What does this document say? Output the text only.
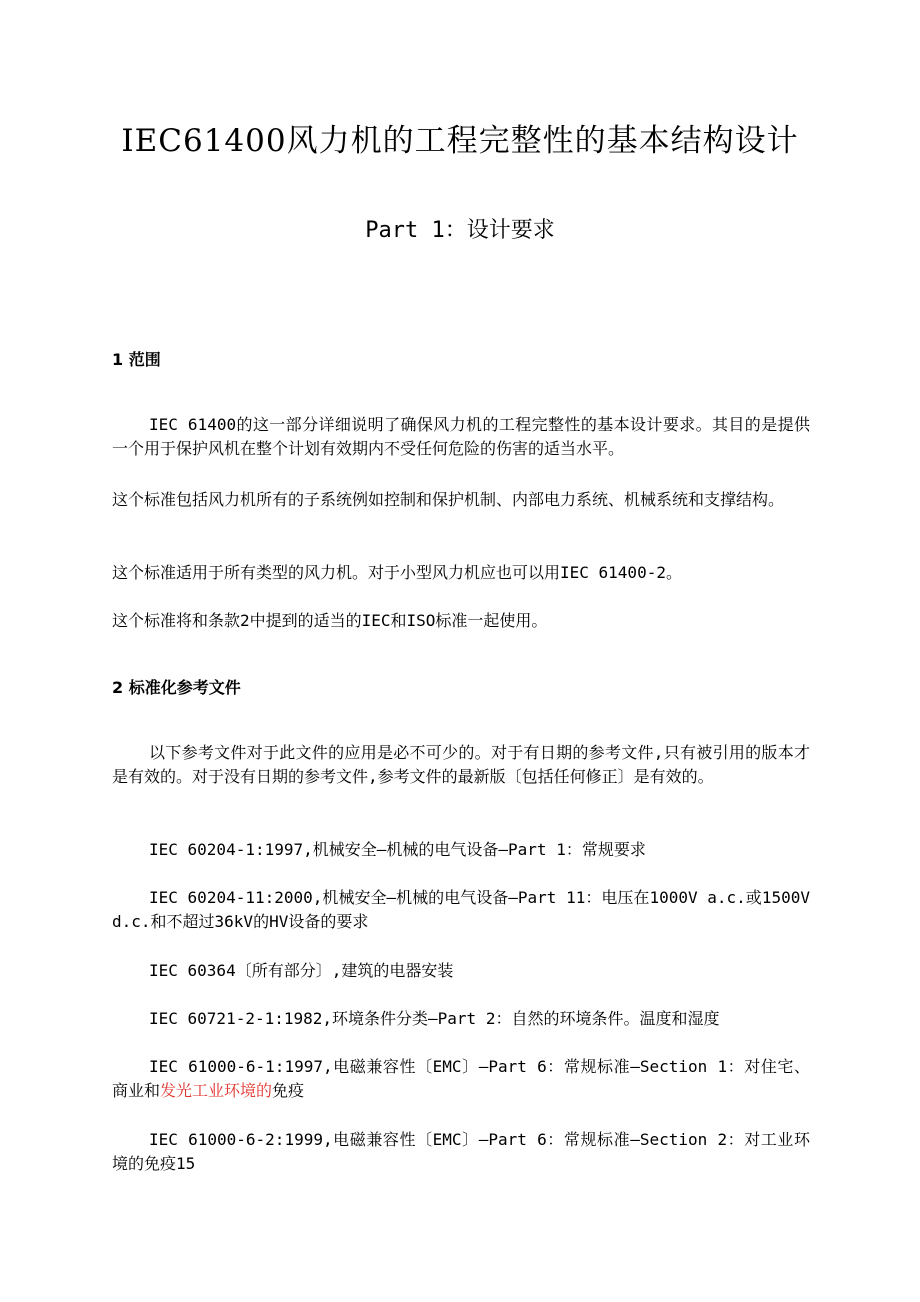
IEC61400风力机的工程完整性的基本结构设计
Part 1：设计要求
1 范围
IEC 61400的这一部分详细说明了确保风力机的工程完整性的基本设计要求。其目的是提供一个用于保护风机在整个计划有效期内不受任何危险的伤害的适当水平。
这个标准包括风力机所有的子系统例如控制和保护机制、内部电力系统、机械系统和支撑结构。
这个标准适用于所有类型的风力机。对于小型风力机应也可以用IEC 61400-2。
这个标准将和条款2中提到的适当的IEC和ISO标准一起使用。
2 标准化参考文件
以下参考文件对于此文件的应用是必不可少的。对于有日期的参考文件,只有被引用的版本才是有效的。对于没有日期的参考文件,参考文件的最新版〔包括任何修正〕是有效的。
IEC 60204-1:1997,机械安全—机械的电气设备—Part 1：常规要求
IEC 60204-11:2000,机械安全—机械的电气设备—Part 11：电压在1000V a.c.或1500V d.c.和不超过36kV的HV设备的要求
IEC 60364〔所有部分〕,建筑的电器安装
IEC 60721-2-1:1982,环境条件分类—Part 2：自然的环境条件。温度和湿度
IEC 61000-6-1:1997,电磁兼容性〔EMC〕—Part 6：常规标准—Section 1：对住宅、商业和发光工业环境的免疫
IEC 61000-6-2:1999,电磁兼容性〔EMC〕—Part 6：常规标准—Section 2：对工业环境的免疫15
